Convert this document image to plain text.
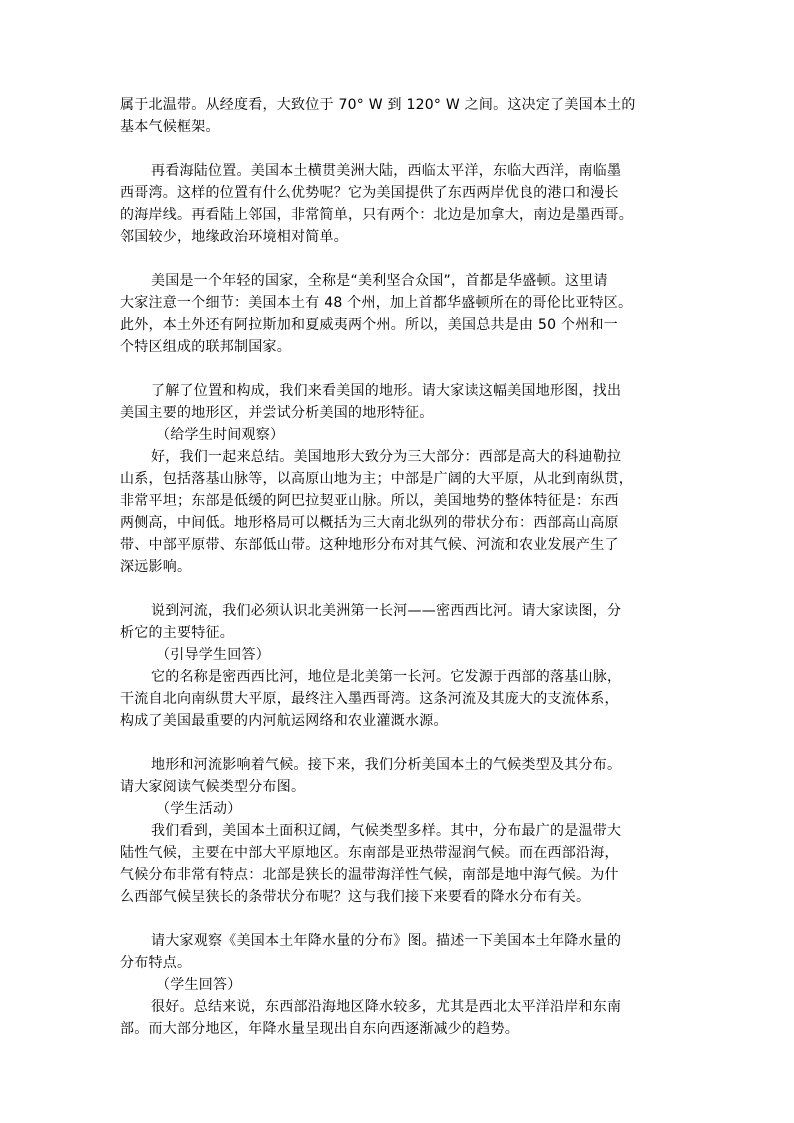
属于北温带。从经度看，大致位于 70° W 到 120° W 之间。这决定了美国本土的
基本气候框架。
再看海陆位置。美国本土横贯美洲大陆，西临太平洋，东临大西洋，南临墨
西哥湾。这样的位置有什么优势呢？它为美国提供了东西两岸优良的港口和漫长
的海岸线。再看陆上邻国，非常简单，只有两个：北边是加拿大，南边是墨西哥。
邻国较少，地缘政治环境相对简单。
美国是一个年轻的国家，全称是“美利坚合众国”，首都是华盛顿。这里请
大家注意一个细节：美国本土有 48 个州，加上首都华盛顿所在的哥伦比亚特区。
此外，本土外还有阿拉斯加和夏威夷两个州。所以，美国总共是由 50 个州和一
个特区组成的联邦制国家。
了解了位置和构成，我们来看美国的地形。请大家读这幅美国地形图，找出
美国主要的地形区，并尝试分析美国的地形特征。
（给学生时间观察）
好，我们一起来总结。美国地形大致分为三大部分：西部是高大的科迪勒拉
山系，包括落基山脉等，以高原山地为主；中部是广阔的大平原，从北到南纵贯，
非常平坦；东部是低缓的阿巴拉契亚山脉。所以，美国地势的整体特征是：东西
两侧高，中间低。地形格局可以概括为三大南北纵列的带状分布：西部高山高原
带、中部平原带、东部低山带。这种地形分布对其气候、河流和农业发展产生了
深远影响。
说到河流，我们必须认识北美洲第一长河——密西西比河。请大家读图，分
析它的主要特征。
（引导学生回答）
它的名称是密西西比河，地位是北美第一长河。它发源于西部的落基山脉，
干流自北向南纵贯大平原，最终注入墨西哥湾。这条河流及其庞大的支流体系，
构成了美国最重要的内河航运网络和农业灌溉水源。
地形和河流影响着气候。接下来，我们分析美国本土的气候类型及其分布。
请大家阅读气候类型分布图。
（学生活动）
我们看到，美国本土面积辽阔，气候类型多样。其中，分布最广的是温带大
陆性气候，主要在中部大平原地区。东南部是亚热带湿润气候。而在西部沿海，
气候分布非常有特点：北部是狭长的温带海洋性气候，南部是地中海气候。为什
么西部气候呈狭长的条带状分布呢？这与我们接下来要看的降水分布有关。
请大家观察《美国本土年降水量的分布》图。描述一下美国本土年降水量的
分布特点。
（学生回答）
很好。总结来说，东西部沿海地区降水较多，尤其是西北太平洋沿岸和东南
部。而大部分地区，年降水量呈现出自东向西逐渐减少的趋势。
